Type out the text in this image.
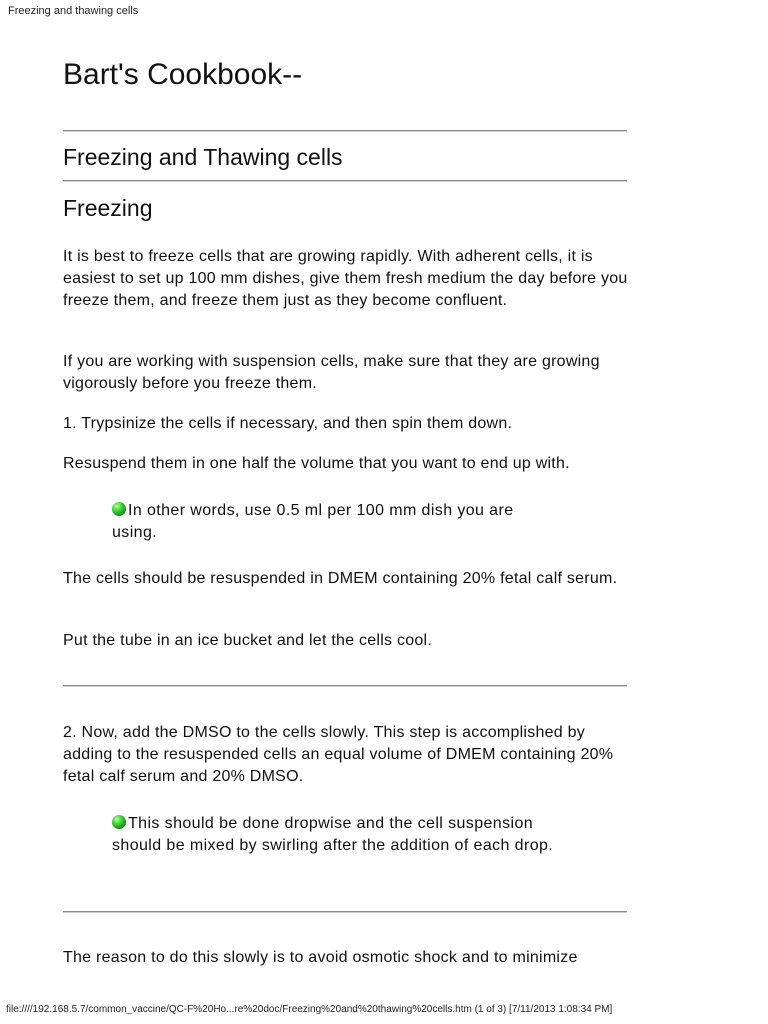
Freezing and thawing cells
Bart's Cookbook--
Freezing and Thawing cells
Freezing

It is best to freeze cells that are growing rapidly. With adherent cells, it is easiest to set up 100 mm dishes, give them fresh medium the day before you freeze them, and freeze them just as they become confluent.

If you are working with suspension cells, make sure that they are growing vigorously before you freeze them.

1. Trypsinize the cells if necessary, and then spin them down.

Resuspend them in one half the volume that you want to end up with.

In other words, use 0.5 ml per 100 mm dish you are using.

The cells should be resuspended in DMEM containing 20% fetal calf serum.

Put the tube in an ice bucket and let the cells cool.

2. Now, add the DMSO to the cells slowly. This step is accomplished by adding to the resuspended cells an equal volume of DMEM containing 20% fetal calf serum and 20% DMSO.

This should be done dropwise and the cell suspension should be mixed by swirling after the addition of each drop.

The reason to do this slowly is to avoid osmotic shock and to minimize

file:////192.168.5.7/common_vaccine/QC-F%20Ho...re%20doc/Freezing%20and%20thawing%20cells.htm (1 of 3) [7/11/2013 1:08:34 PM]
